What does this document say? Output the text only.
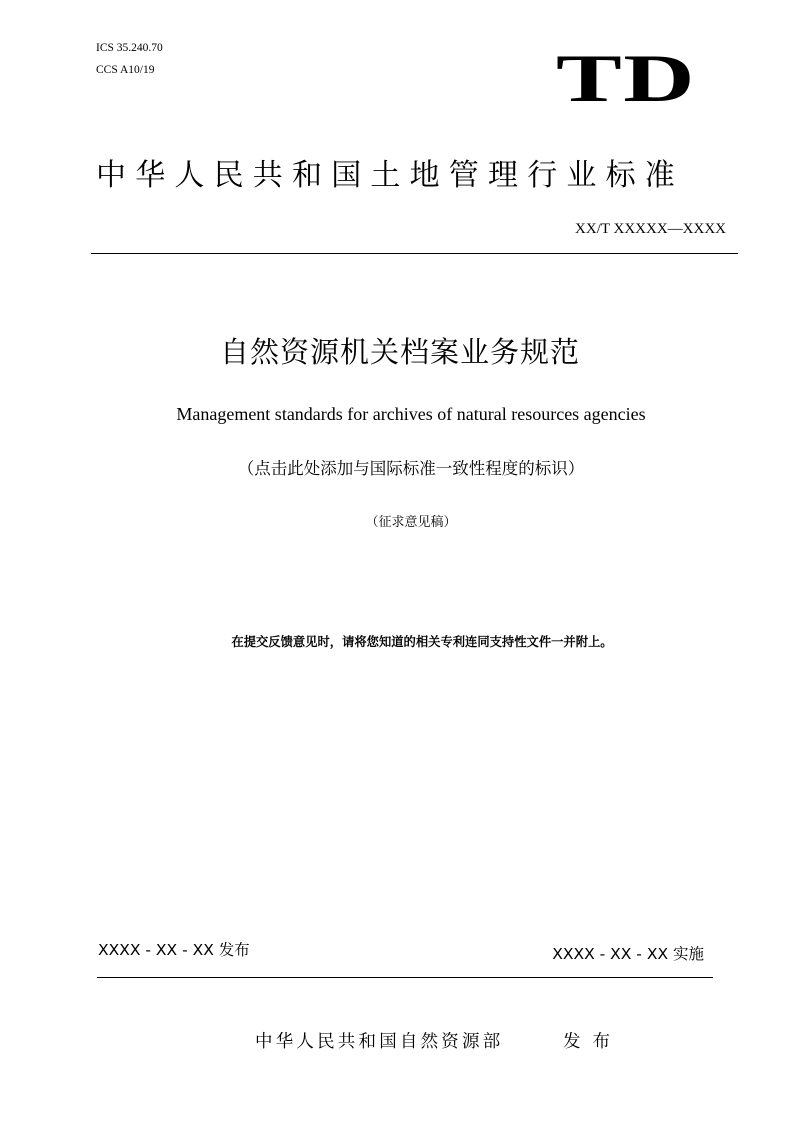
ICS 35.240.70
CCS A10/19	TD
中华人民共和国土地管理行业标准
XX/T XXXXX—XXXX
自然资源机关档案业务规范
Management standards for archives of natural resources agencies
（点击此处添加与国际标准一致性程度的标识）
（征求意见稿）
在提交反馈意见时，请将您知道的相关专利连同支持性文件一并附上。
XXXX - XX - XX 发布	XXXX - XX - XX 实施
中华人民共和国自然资源部	发布
